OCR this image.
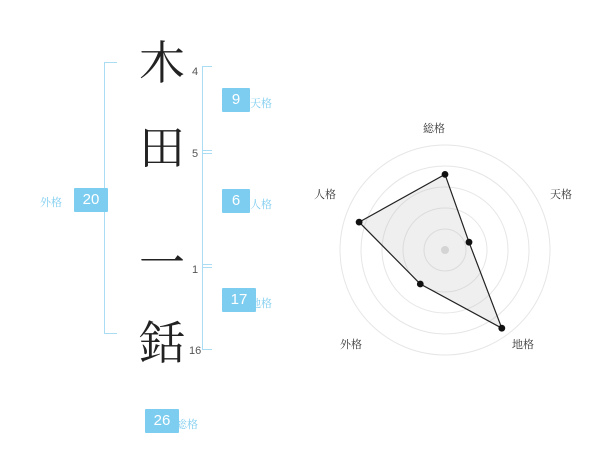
20
外格
木 4
田 5
一 1
銛 16
9 天格
6 人格
17 地格
26 総格
総格
天格
地格
外格
人格
